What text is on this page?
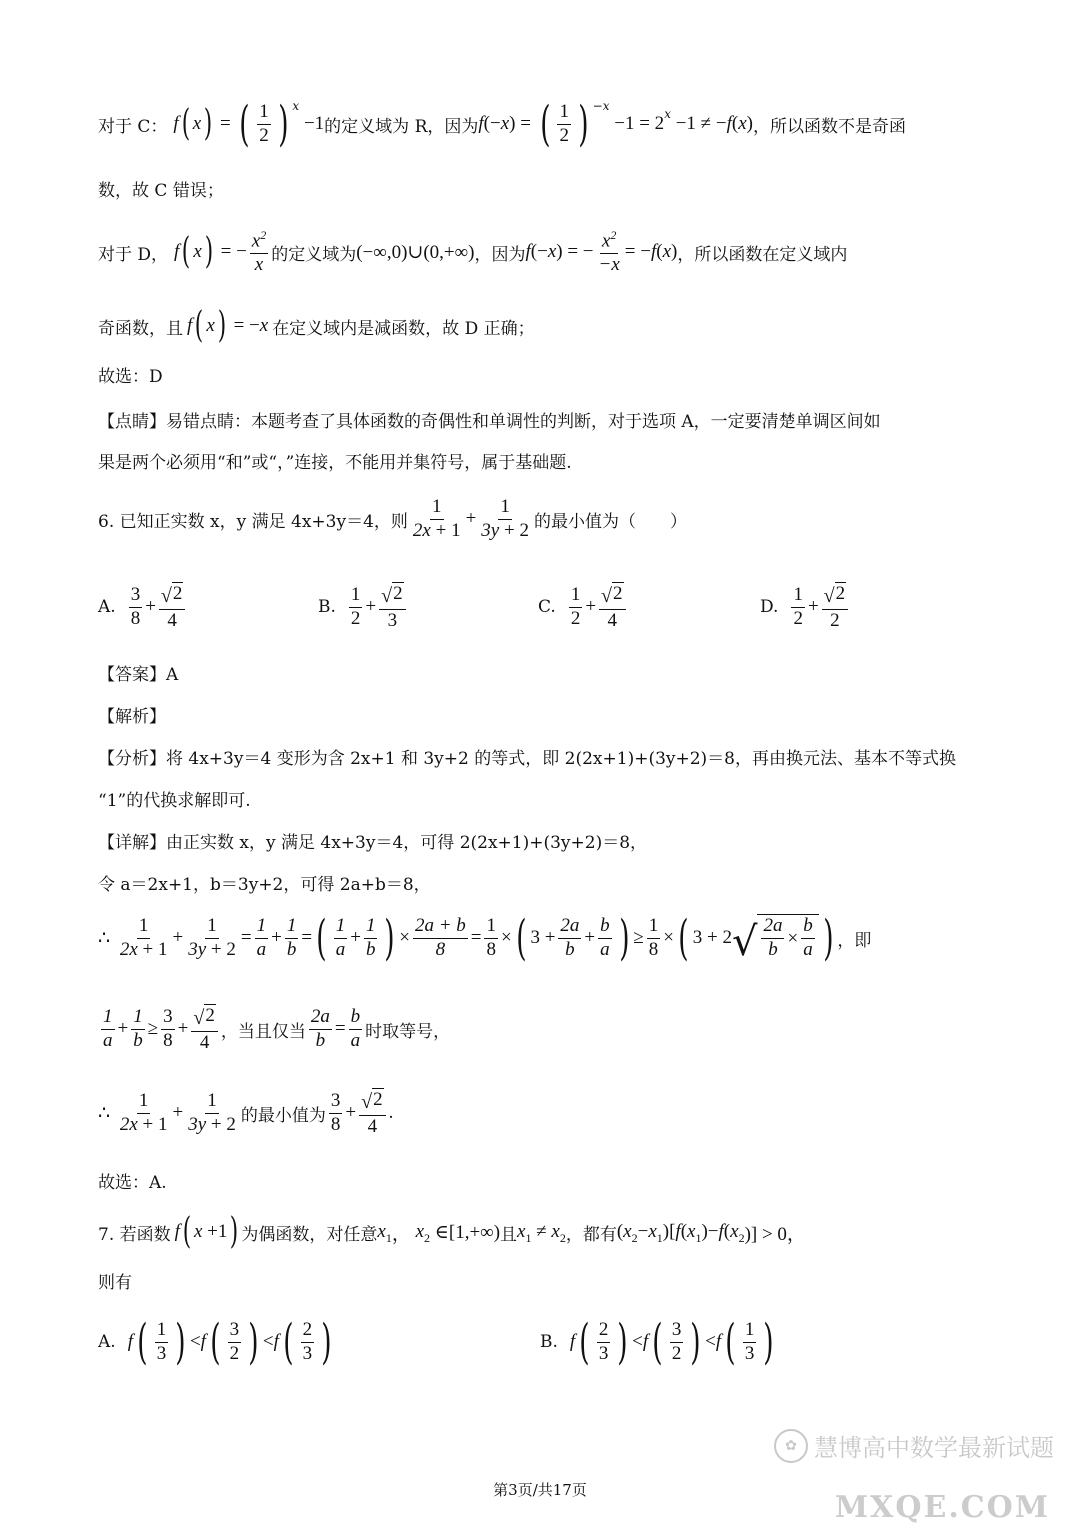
对于 C： f ( x ) = ( $\frac{1}{2}$ ) x
−1 的定义域为 R，因为 f (− x ) = ( $\frac{1}{2}$ ) −x
−1 = 2 x −1 ≠ − f ( x ) ，所以函数不是奇函
数，故 C 错误；
对于 D， f ( x ) = − $\frac{x^2}{x}$ 的定义域为 (−∞,0)∪(0,+∞) ，因为 f (− x ) = − $\frac{x^2}{-x}$ = − f ( x ) ，所以函数在定义域内
奇函数，且 f ( x ) = − x 在定义域内是减函数，故 D 正确；
故选：D
【点睛】易错点睛：本题考查了具体函数的奇偶性和单调性的判断，对于选项 A，一定要清楚单调区间如
果是两个必须用“和”或“，”连接，不能用并集符号，属于基础题.
6. 已知正实数 x，y 满足 4x+3y＝4，则 $\frac{1}{2x + 1} + \frac{1}{3y + 2}$ 的最小值为（　　）
A. $\frac{3}{8} + \frac{√ 2}{4}$	B. $\frac{1}{2} + \frac{√ 2}{3}$	C. $\frac{1}{2} + \frac{√ 2}{4}$	D. $\frac{1}{2} + \frac{√ 2}{2}$
【答案】A
【解析】
【分析】将 4x+3y＝4 变形为含 2x+1 和 3y+2 的等式，即 2(2x+1)+(3y+2)＝8，再由换元法、基本不等式换
“1”的代换求解即可.
【详解】由正实数 x，y 满足 4x+3y＝4，可得 2(2x+1)+(3y+2)＝8，
令 a＝2x+1，b＝3y+2，可得 2a+b＝8，
∴ $\frac{1}{2x + 1} + \frac{1}{3y + 2} = \frac{1}{a} + \frac{1}{b}$ = ( $\frac{1}{a} + \frac{1}{b}$ ) × $\frac{2a + b}{8} = \frac{1}{8}$ × ( $3 + \frac{2a}{b} + \frac{b}{a}$ ) ≥ $\frac{1}{8}$ × ( 3 + 2 √ $\frac{2a}{b} \times \frac{b}{a}$ ) ，即
$\frac{1}{a} + \frac{1}{b} \ge \frac{3}{8} + \frac{√ 2}{4}$ ，当且仅当 $\frac{2a}{b} = \frac{b}{a}$ 时取等号，
∴ $\frac{1}{2x + 1} + \frac{1}{3y + 2}$ 的最小值为 $\frac{3}{8} + \frac{√ 2}{4}$ .
故选：A.
7. 若函数 f ( x +1 ) 为偶函数，对任意 x 1 ， x 2 ∈[1,+∞) 且 x 1 ≠ x 2 ，都有 ( x 2 − x 1 )[ f ( x 1 )− f ( x 2 )] > 0，
则有
A. f ( $\frac{1}{3}$ ) < f ( $\frac{3}{2}$ ) < f ( $\frac{2}{3}$ )	B. f ( $\frac{2}{3}$ ) < f ( $\frac{3}{2}$ ) < f ( $\frac{1}{3}$ )
✿ 慧博高中数学最新试题
MXQE.COM
第3页/共17页
